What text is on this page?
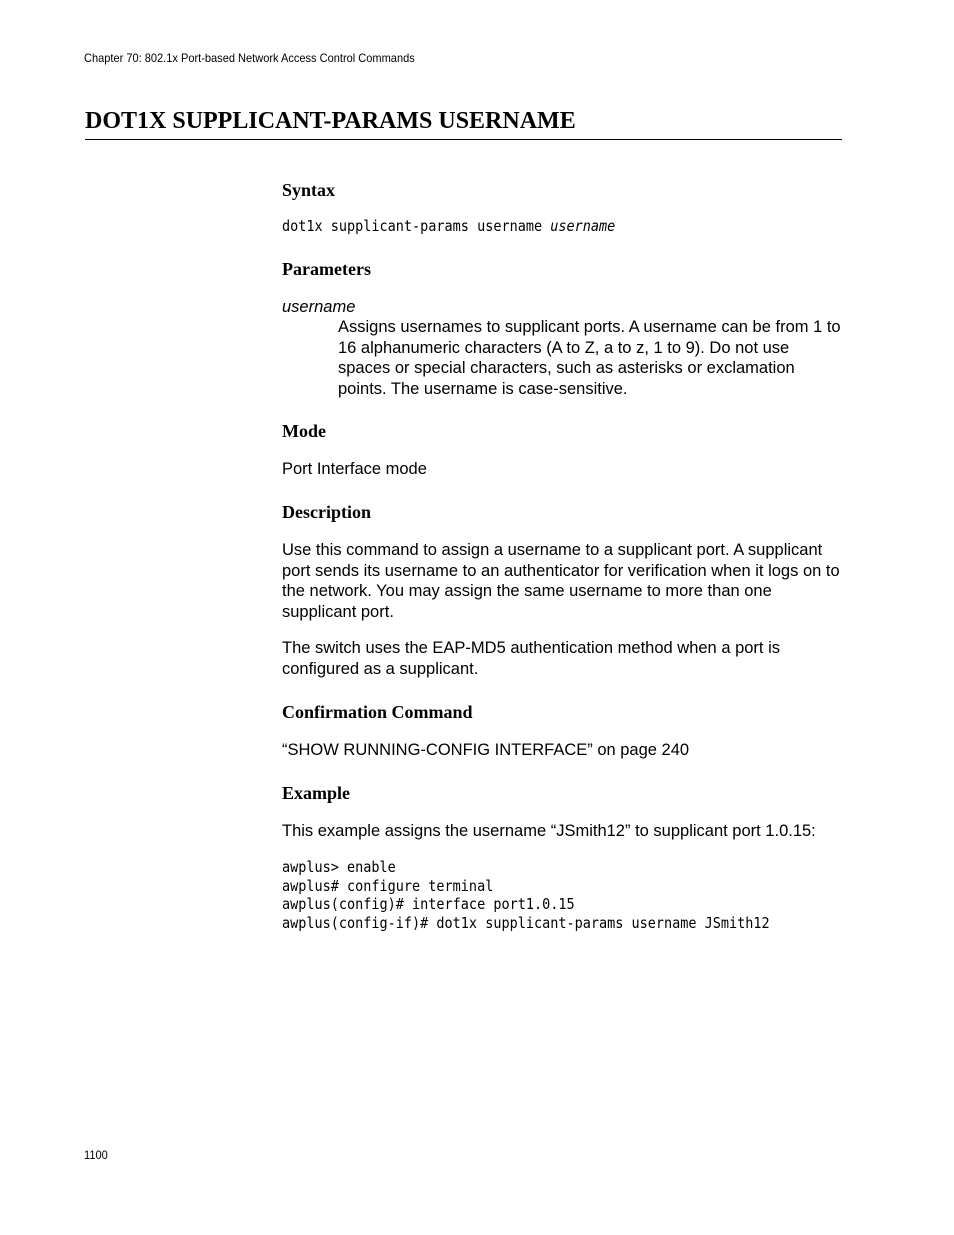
Chapter 70: 802.1x Port-based Network Access Control Commands
DOT1X SUPPLICANT-PARAMS USERNAME
Syntax
dot1x supplicant-params username username
Parameters
username

Assigns usernames to supplicant ports. A username can be from 1 to 16 alphanumeric characters (A to Z, a to z, 1 to 9). Do not use spaces or special characters, such as asterisks or exclamation points. The username is case-sensitive.

Mode

Port Interface mode

Description

Use this command to assign a username to a supplicant port. A supplicant port sends its username to an authenticator for verification when it logs on to the network. You may assign the same username to more than one supplicant port.

The switch uses the EAP-MD5 authentication method when a port is configured as a supplicant.

Confirmation Command

“SHOW RUNNING-CONFIG INTERFACE” on page 240

Example

This example assigns the username “JSmith12” to supplicant port 1.0.15:

awplus> enable
awplus# configure terminal
awplus(config)# interface port1.0.15
awplus(config-if)# dot1x supplicant-params username JSmith12
1100
